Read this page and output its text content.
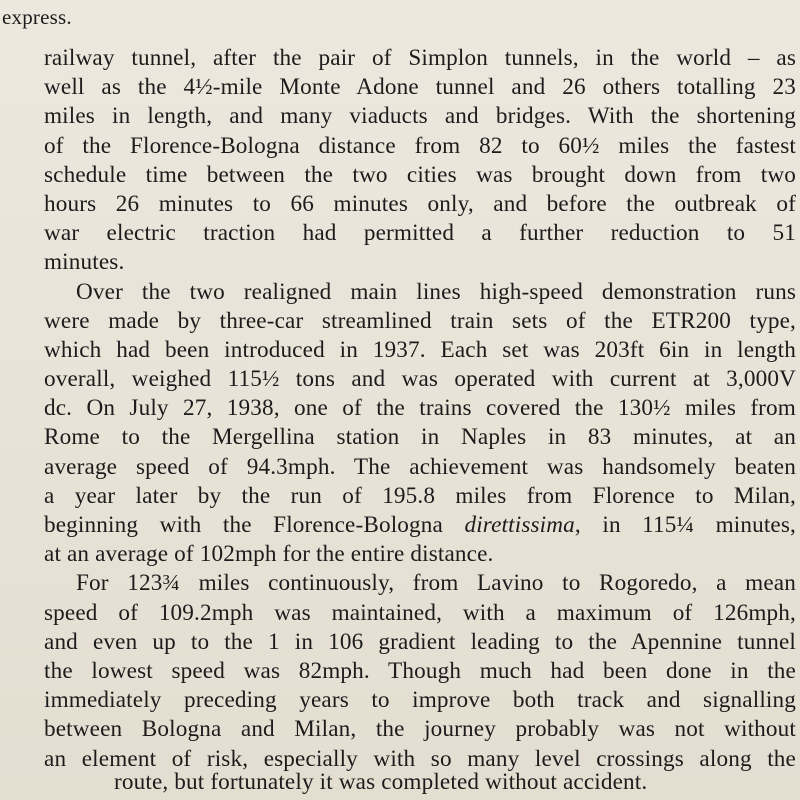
express.
railway tunnel, after the pair of Simplon tunnels, in the world – as
well as the 4½-mile Monte Adone tunnel and 26 others totalling 23
miles in length, and many viaducts and bridges. With the shortening
of the Florence-Bologna distance from 82 to 60½ miles the fastest
schedule time between the two cities was brought down from two
hours 26 minutes to 66 minutes only, and before the outbreak of
war electric traction had permitted a further reduction to 51
minutes.
Over the two realigned main lines high-speed demonstration runs
were made by three-car streamlined train sets of the ETR200 type,
which had been introduced in 1937. Each set was 203ft 6in in length
overall, weighed 115½ tons and was operated with current at 3,000V
dc. On July 27, 1938, one of the trains covered the 130½ miles from
Rome to the Mergellina station in Naples in 83 minutes, at an
average speed of 94.3mph. The achievement was handsomely beaten
a year later by the run of 195.8 miles from Florence to Milan,
beginning with the Florence-Bologna direttissima, in 115¼ minutes,
at an average of 102mph for the entire distance.
For 123¾ miles continuously, from Lavino to Rogoredo, a mean
speed of 109.2mph was maintained, with a maximum of 126mph,
and even up to the 1 in 106 gradient leading to the Apennine tunnel
the lowest speed was 82mph. Though much had been done in the
immediately preceding years to improve both track and signalling
between Bologna and Milan, the journey probably was not without
an element of risk, especially with so many level crossings along the
route, but fortunately it was completed without accident.
